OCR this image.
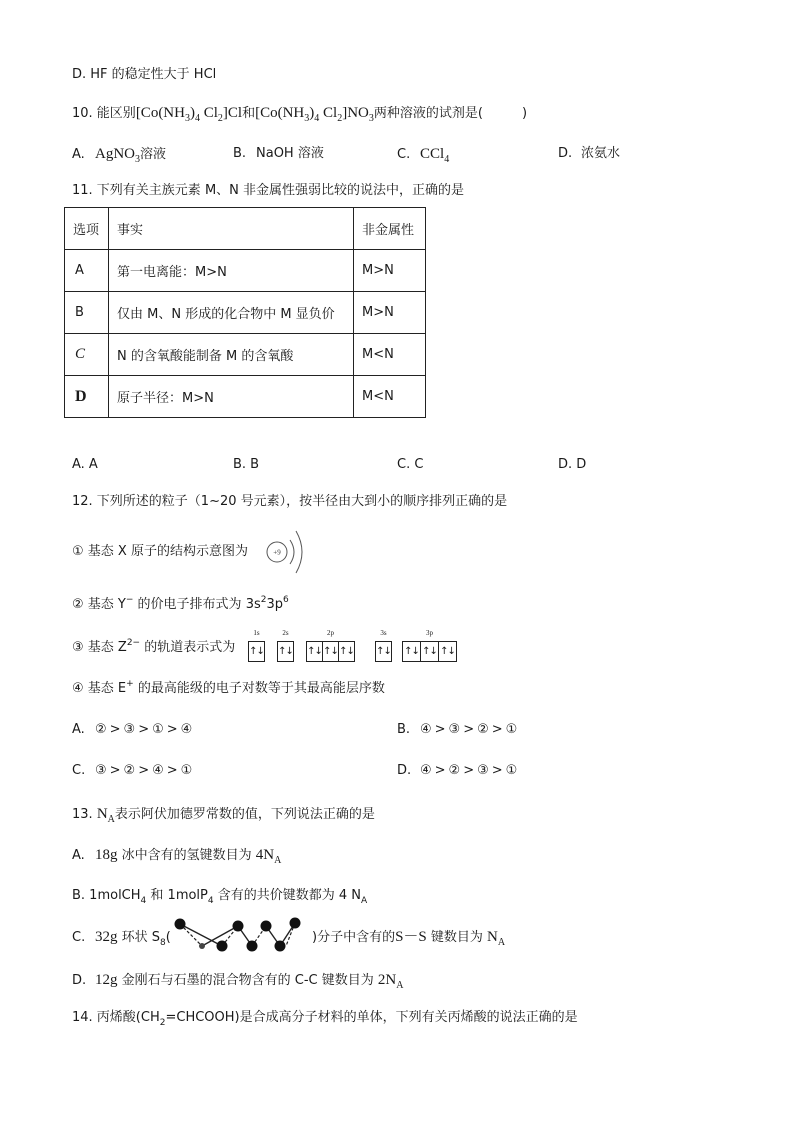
D. HF 的稳定性大于 HCl
10. 能区别[$Co(NH_3)_4$ $Cl_2]Cl$和[$Co(NH_3)_4$ $Cl_2]NO_3$两种溶液的试剂是(　　　)
A. AgNO$_3$溶液	B. NaOH 溶液	C. CCl$_4$	D. 浓氨水
11. 下列有关主族元素 M、N 非金属性强弱比较的说法中，正确的是
选项	事实	非金属性
A	第一电离能：M>N	M>N
B	仅由 M、N 形成的化合物中 M 显负价	M>N
C	N 的含氧酸能制备 M 的含氧酸	M<N
D	原子半径：M>N	M<N
A. A	B. B	C. C	D. D
12. 下列所述的粒子（1~20 号元素），按半径由大到小的顺序排列正确的是
① 基态 X 原子的结构示意图为	+9
② 基态 Y− 的价电子排布式为 $3s^23p^6$
③ 基态 $Z^{2-}$ 的轨道表示式为
1s
↑↓
2s
↑↓
2p
↑↓ ↑↓ ↑↓
3s
↑↓
3p
↑↓ ↑↓ ↑↓
④ 基态 E+ 的最高能级的电子对数等于其最高能层序数
A. ②>③>①>④	B. ④>③>②>①
C. ③>②>④>①	D. ④>②>③>①
13. $N_A$表示阿伏加德罗常数的值，下列说法正确的是
A. 18g 冰中含有的氢键数目为 $4N_A$
B. 1molCH$_4$ 和 1molP$_4$ 含有的共价键数都为 4 $N_A$
C. 32g 环状 $S_8$(	)分子中含有的S－S 键数目为 $N_A$
D. 12g 金刚石与石墨的混合物含有的 C-C 键数目为 $2N_A$
14. 丙烯酸$(CH_2=CHCOOH)$是合成高分子材料的单体，下列有关丙烯酸的说法正确的是
